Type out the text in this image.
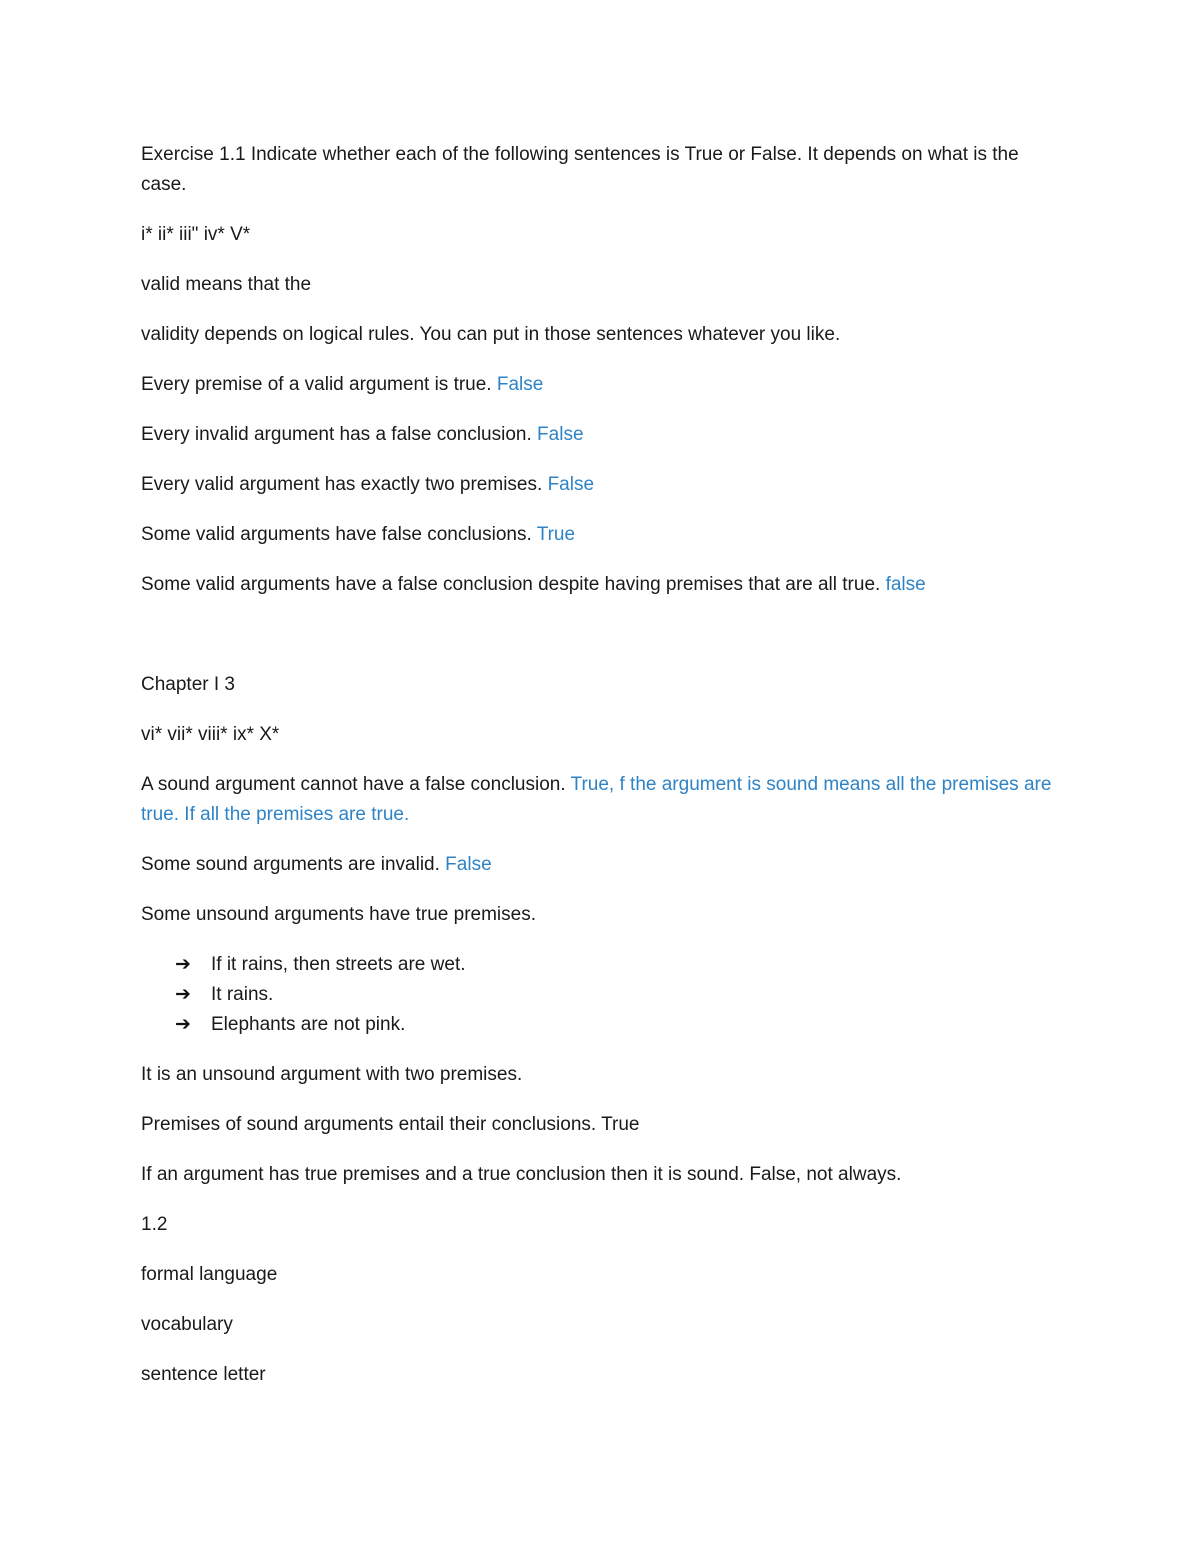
Exercise 1.1 Indicate whether each of the following sentences is True or False. It depends on what is the case.

i* ii* iii" iv* V*

valid means that the

validity depends on logical rules. You can put in those sentences whatever you like.

Every premise of a valid argument is true. False

Every invalid argument has a false conclusion. False

Every valid argument has exactly two premises. False

Some valid arguments have false conclusions. True

Some valid arguments have a false conclusion despite having premises that are all true. false

Chapter I 3

vi* vii* viii* ix* X*

A sound argument cannot have a false conclusion. True, f the argument is sound means all the premises are true. If all the premises are true.

Some sound arguments are invalid. False

Some unsound arguments have true premises.

➔ If it rains, then streets are wet.
➔ It rains.
➔ Elephants are not pink.

It is an unsound argument with two premises.

Premises of sound arguments entail their conclusions. True

If an argument has true premises and a true conclusion then it is sound. False, not always.

1.2

formal language

vocabulary

sentence letter
